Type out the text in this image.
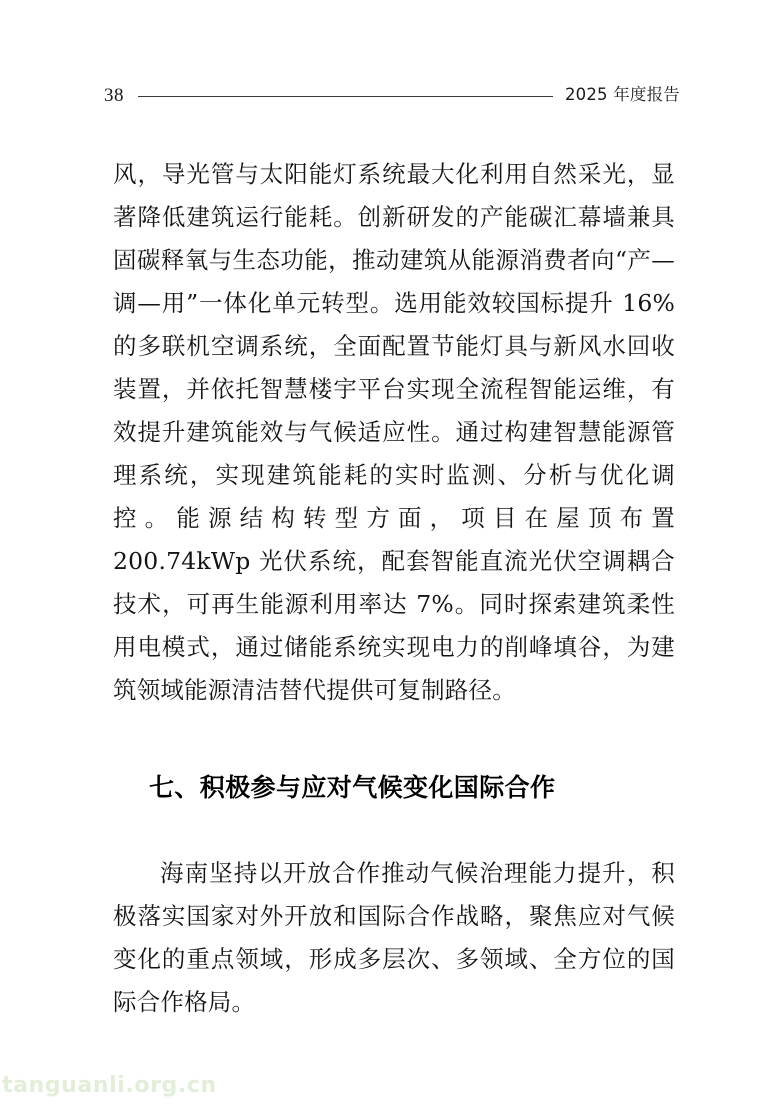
38	2025 年度报告

风，导光管与太阳能灯系统最大化利用自然采光，显著降低建筑运行能耗。创新研发的产能碳汇幕墙兼具固碳释氧与生态功能，推动建筑从能源消费者向“产—调—用”一体化单元转型。选用能效较国标提升 16%的多联机空调系统，全面配置节能灯具与新风水回收装置，并依托智慧楼宇平台实现全流程智能运维，有效提升建筑能效与气候适应性。通过构建智慧能源管理系统，实现建筑能耗的实时监测、分析与优化调控。能源结构转型方面，项目在屋顶布置 200.74kWp 光伏系统，配套智能直流光伏空调耦合技术，可再生能源利用率达 7%。同时探索建筑柔性用电模式，通过储能系统实现电力的削峰填谷，为建筑领域能源清洁替代提供可复制路径。

七、积极参与应对气候变化国际合作

海南坚持以开放合作推动气候治理能力提升，积极落实国家对外开放和国际合作战略，聚焦应对气候变化的重点领域，形成多层次、多领域、全方位的国际合作格局。

tanguanli.org.cn
